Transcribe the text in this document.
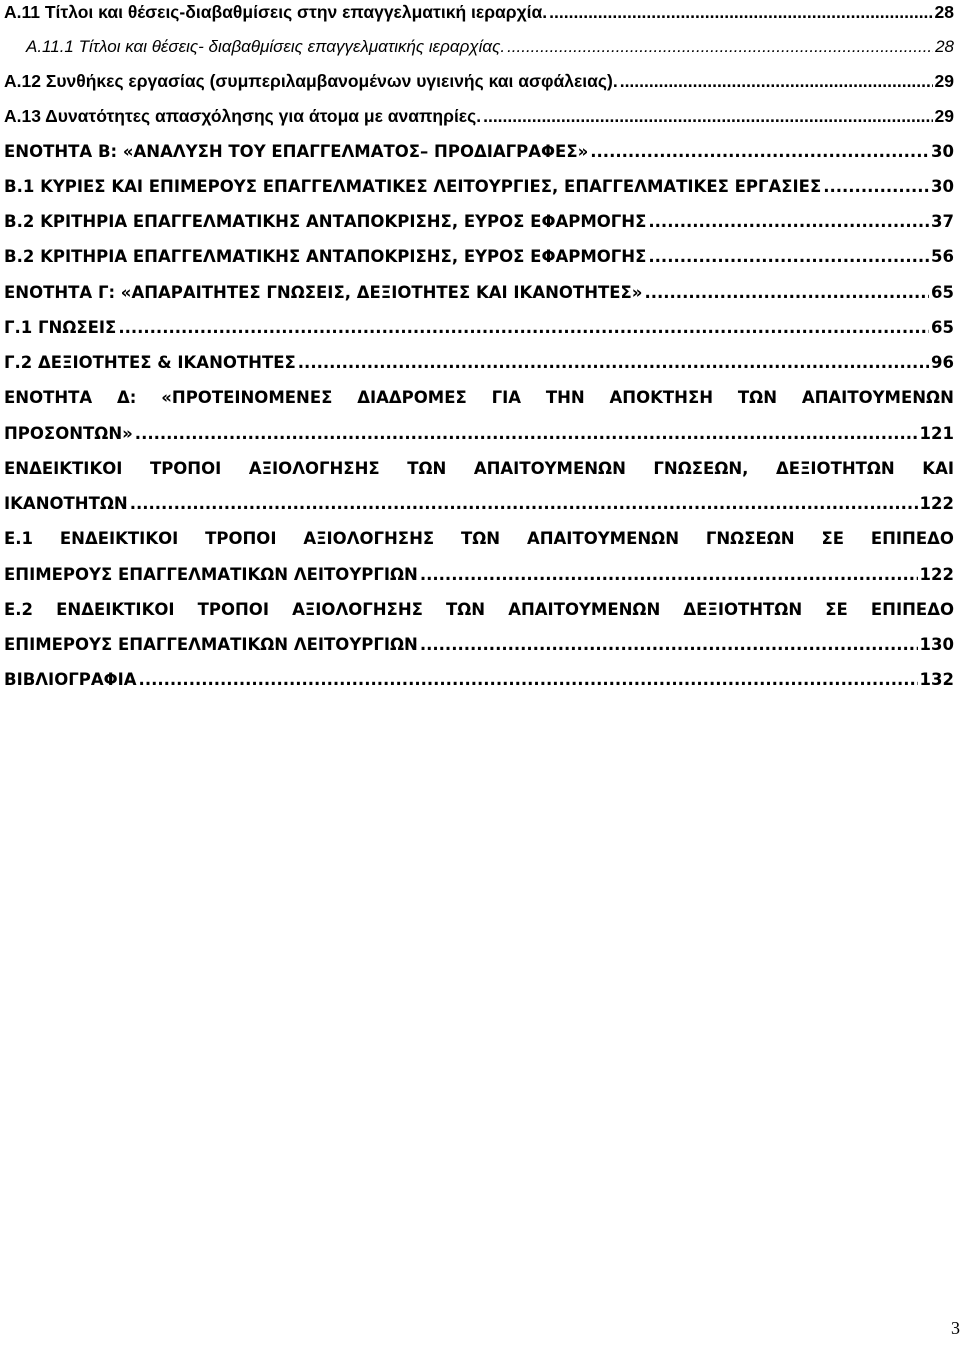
Α.11 Τίτλοι και θέσεις-διαβαθμίσεις στην επαγγελματική ιεραρχία. .....	28
Α.11.1 Τίτλοι και θέσεις- διαβαθμίσεις επαγγελματικής ιεραρχίας. .....	28
Α.12 Συνθήκες εργασίας (συμπεριλαμβανομένων υγιεινής και ασφάλειας). .....	29
Α.13 Δυνατότητες απασχόλησης για άτομα με αναπηρίες. .....	29
ΕΝΟΤΗΤΑ Β: «ΑΝΑΛΥΣΗ ΤΟΥ ΕΠΑΓΓΕΛΜΑΤΟΣ– ΠΡΟΔΙΑΓΡΑΦΕΣ» .....	30
Β.1 ΚΥΡΙΕΣ ΚΑΙ ΕΠΙΜΕΡΟΥΣ ΕΠΑΓΓΕΛΜΑΤΙΚΕΣ ΛΕΙΤΟΥΡΓΙΕΣ, ΕΠΑΓΓΕΛΜΑΤΙΚΕΣ ΕΡΓΑΣΙΕΣ .....	30
Β.2 ΚΡΙΤΗΡΙΑ ΕΠΑΓΓΕΛΜΑΤΙΚΗΣ ΑΝΤΑΠΟΚΡΙΣΗΣ, ΕΥΡΟΣ ΕΦΑΡΜΟΓΗΣ .....	37
Β.2 ΚΡΙΤΗΡΙΑ ΕΠΑΓΓΕΛΜΑΤΙΚΗΣ ΑΝΤΑΠΟΚΡΙΣΗΣ, ΕΥΡΟΣ ΕΦΑΡΜΟΓΗΣ .....	56
ΕΝΟΤΗΤΑ Γ: «ΑΠΑΡΑΙΤΗΤΕΣ ΓΝΩΣΕΙΣ, ΔΕΞΙΟΤΗΤΕΣ ΚΑΙ ΙΚΑΝΟΤΗΤΕΣ» .....	65
Γ.1 ΓΝΩΣΕΙΣ .....	65
Γ.2 ΔΕΞΙΟΤΗΤΕΣ & ΙΚΑΝΟΤΗΤΕΣ .....	96
ΕΝΟΤΗΤΑ Δ: «ΠΡΟΤΕΙΝΟΜΕΝΕΣ ΔΙΑΔΡΟΜΕΣ ΓΙΑ ΤΗΝ ΑΠΟΚΤΗΣΗ ΤΩΝ ΑΠΑΙΤΟΥΜΕΝΩΝ
ΠΡΟΣΟΝΤΩΝ» .....	121
ΕΝΔΕΙΚΤΙΚΟΙ ΤΡΟΠΟΙ ΑΞΙΟΛΟΓΗΣΗΣ ΤΩΝ ΑΠΑΙΤΟΥΜΕΝΩΝ ΓΝΩΣΕΩΝ, ΔΕΞΙΟΤΗΤΩΝ ΚΑΙ
ΙΚΑΝΟΤΗΤΩΝ .....	122
Ε.1 ΕΝΔΕΙΚΤΙΚΟΙ ΤΡΟΠΟΙ ΑΞΙΟΛΟΓΗΣΗΣ ΤΩΝ ΑΠΑΙΤΟΥΜΕΝΩΝ ΓΝΩΣΕΩΝ ΣΕ ΕΠΙΠΕΔΟ
ΕΠΙΜΕΡΟΥΣ ΕΠΑΓΓΕΛΜΑΤΙΚΩΝ ΛΕΙΤΟΥΡΓΙΩΝ .....	122
Ε.2 ΕΝΔΕΙΚΤΙΚΟΙ ΤΡΟΠΟΙ ΑΞΙΟΛΟΓΗΣΗΣ ΤΩΝ ΑΠΑΙΤΟΥΜΕΝΩΝ ΔΕΞΙΟΤΗΤΩΝ ΣΕ ΕΠΙΠΕΔΟ
ΕΠΙΜΕΡΟΥΣ ΕΠΑΓΓΕΛΜΑΤΙΚΩΝ ΛΕΙΤΟΥΡΓΙΩΝ .....	130
ΒΙΒΛΙΟΓΡΑΦΙΑ .....	132
3
